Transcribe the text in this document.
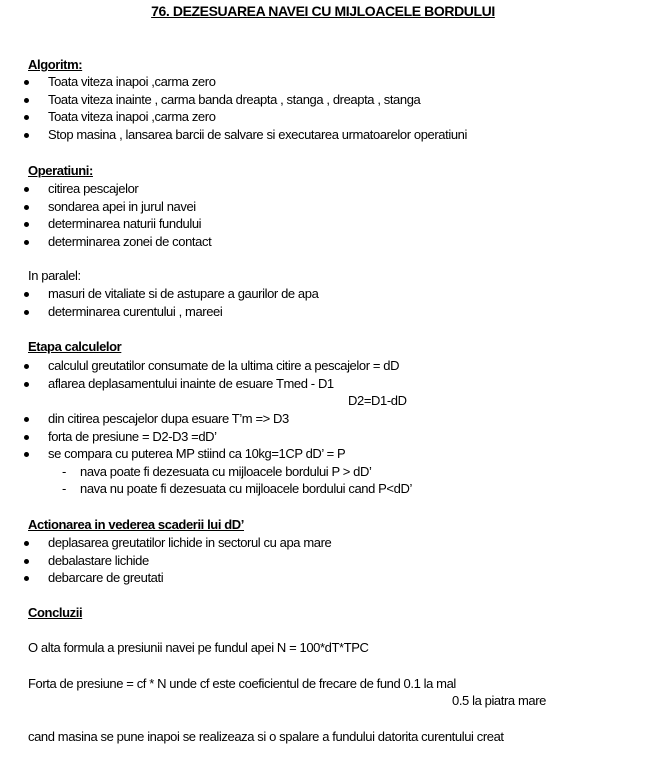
76. DEZESUAREA NAVEI CU MIJLOACELE BORDULUI
Algoritm:
Toata viteza inapoi ,carma zero
Toata viteza inainte , carma banda dreapta , stanga , dreapta , stanga
Toata viteza inapoi ,carma zero
Stop masina , lansarea barcii de salvare si executarea urmatoarelor operatiuni
Operatiuni:
citirea pescajelor
sondarea apei in jurul navei
determinarea naturii fundului
determinarea zonei de contact
In paralel:
masuri de vitaliate si de astupare a gaurilor de apa
determinarea curentului , mareei
Etapa calculelor
calculul greutatilor consumate de la ultima citire a pescajelor = dD
aflarea deplasamentului inainte de esuare Tmed - D1
D2=D1-dD
din citirea pescajelor dupa esuare T’m => D3
forta de presiune = D2-D3 =dD’
se compara cu puterea MP stiind ca 10kg=1CP dD’ = P
- nava poate fi dezesuata cu mijloacele bordului P > dD’
- nava nu poate fi dezesuata cu mijloacele bordului cand P<dD’
Actionarea in vederea scaderii lui dD’
deplasarea greutatilor lichide in sectorul cu apa mare
debalastare lichide
debarcare de greutati
Concluzii
O alta formula a presiunii navei pe fundul apei N = 100*dT*TPC
Forta de presiune = cf * N unde cf este coeficientul de frecare de fund 0.1 la mal
0.5 la piatra mare
cand masina se pune inapoi se realizeaza si o spalare a fundului datorita curentului creat
